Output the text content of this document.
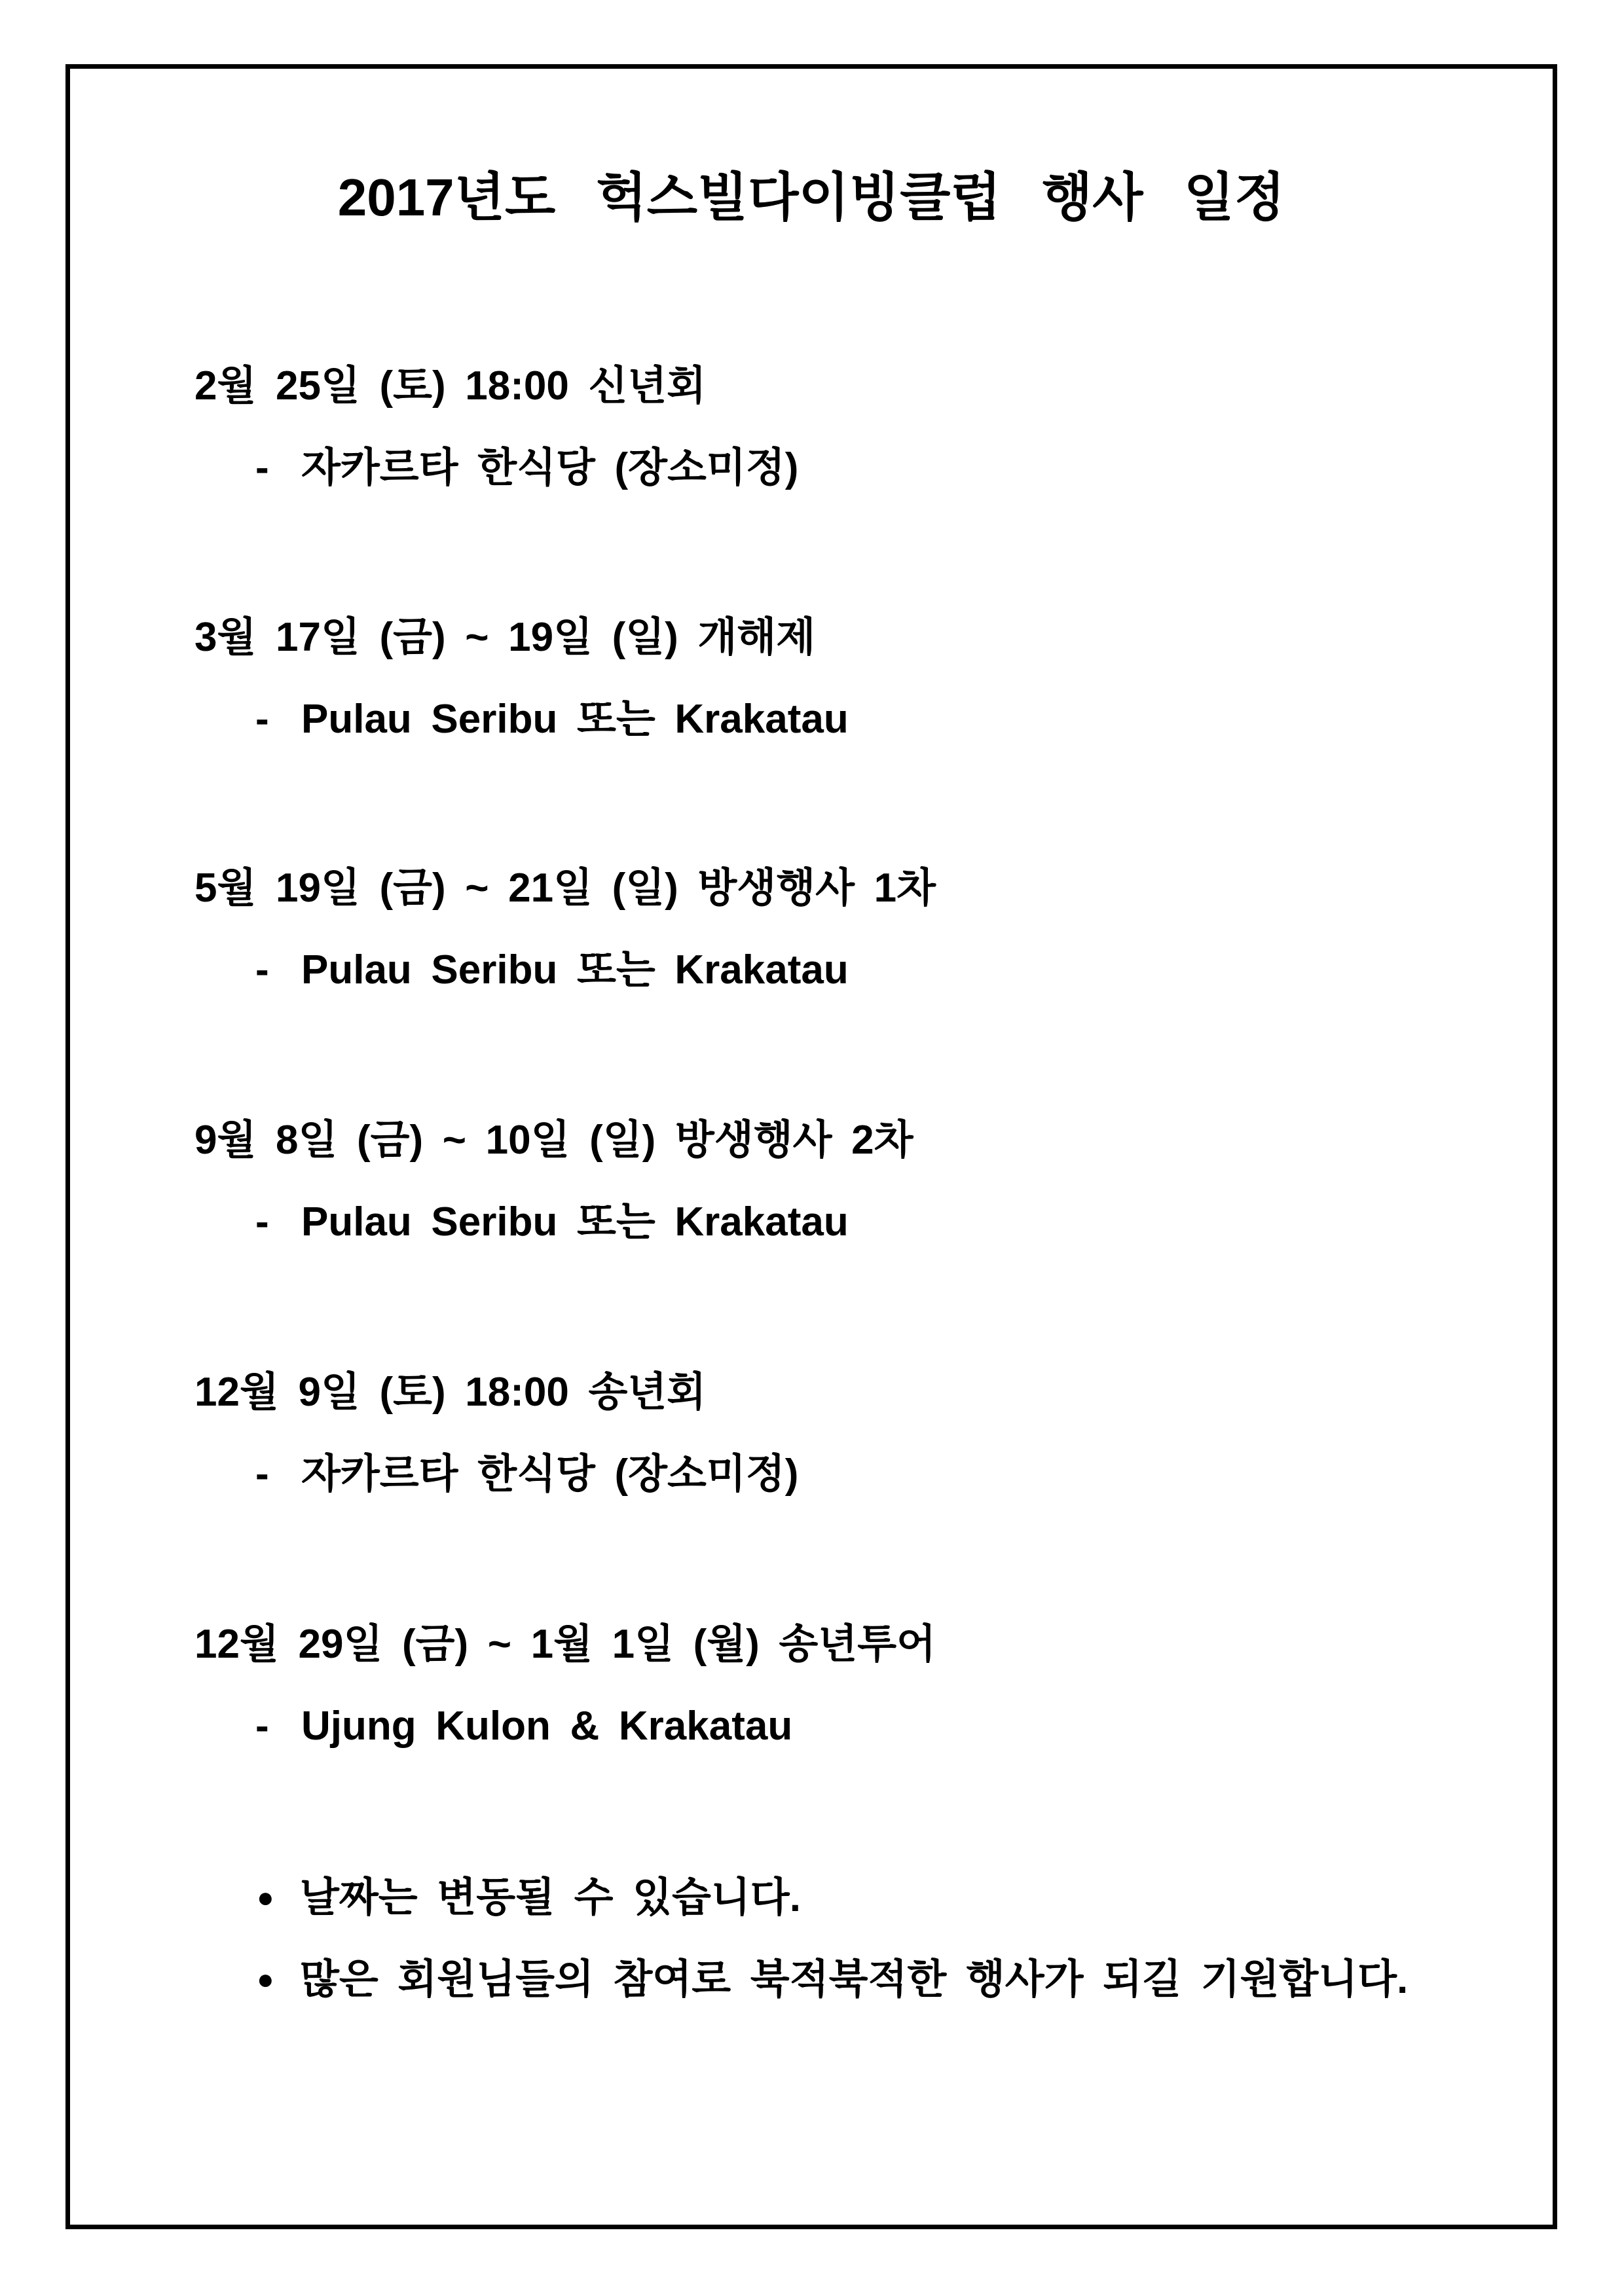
2017년도 헉스빌다이빙클럽 행사 일정
2월 25일 (토) 18:00 신년회
- 자카르타 한식당 (장소미정)
3월 17일 (금) ~ 19일 (일) 개해제
- Pulau Seribu 또는 Krakatau
5월 19일 (금) ~ 21일 (일) 방생행사 1차
- Pulau Seribu 또는 Krakatau
9월 8일 (금) ~ 10일 (일) 방생행사 2차
- Pulau Seribu 또는 Krakatau
12월 9일 (토) 18:00 송년회
- 자카르타 한식당 (장소미정)
12월 29일 (금) ~ 1월 1일 (월) 송년투어
- Ujung Kulon & Krakatau
● 날짜는 변동될 수 있습니다.
● 많은 회원님들의 참여로 북적북적한 행사가 되길 기원합니다.
